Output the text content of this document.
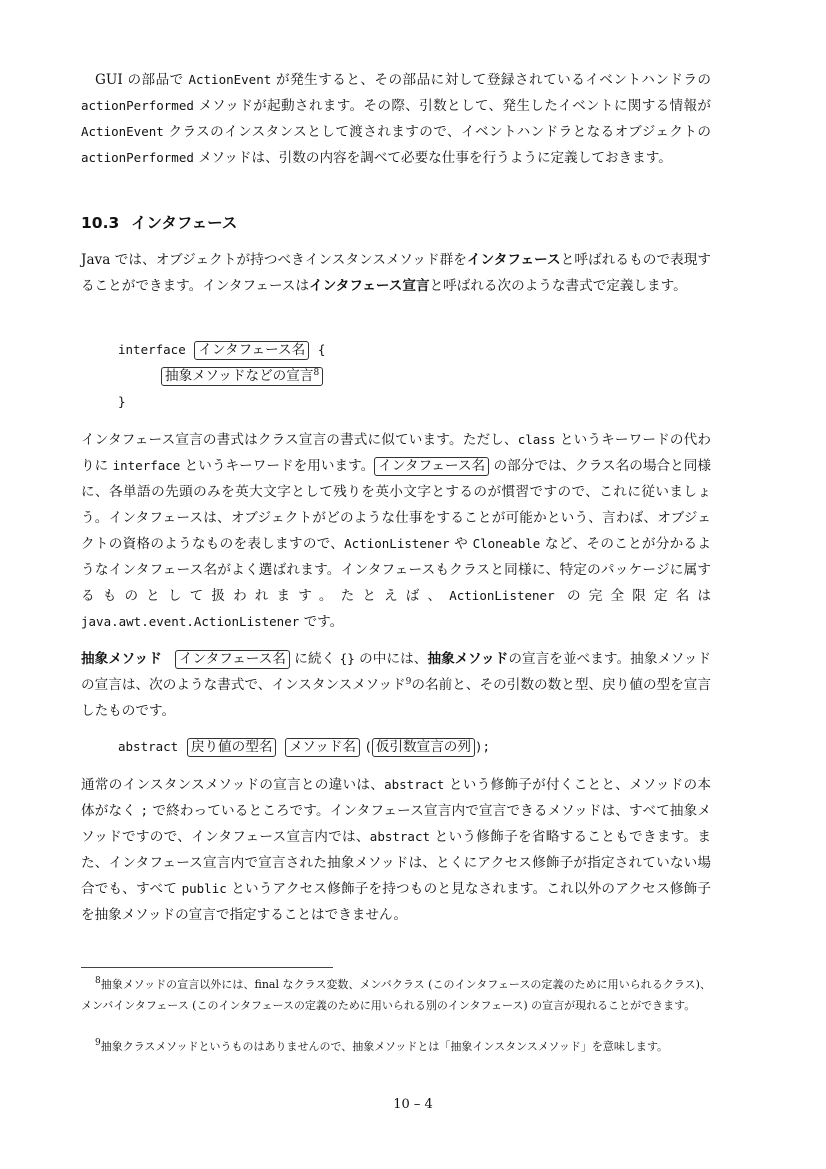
GUI の部品で ActionEvent が発生すると、その部品に対して登録されているイベントハンドラの actionPerformed メソッドが起動されます。その際、引数として、発生したイベントに関する情報が ActionEvent クラスのインスタンスとして渡されますので、イベントハンドラとなるオブジェクトの actionPerformed メソッドは、引数の内容を調べて必要な仕事を行うように定義しておきます。

10.3 インタフェース

Java では、オブジェクトが持つべきインスタンスメソッド群をインタフェースと呼ばれるもので表現することができます。インタフェースはインタフェース宣言と呼ばれる次のような書式で定義します。

interface インタフェース名 {

抽象メソッドなどの宣言$^8$

}

インタフェース宣言の書式はクラス宣言の書式に似ています。ただし、class というキーワードの代わりに interface というキーワードを用います。 インタフェース名 の部分では、クラス名の場合と同様に、各単語の先頭のみを英大文字として残りを英小文字とするのが慣習ですので、これに従いましょう。インタフェースは、オブジェクトがどのような仕事をすることが可能かという、言わば、オブジェクトの資格のようなものを表しますので、ActionListener や Cloneable など、そのことが分かるようなインタフェース名がよく選ばれます。インタフェースもクラスと同様に、特定のパッケージに属するものとして扱われます。たとえば、ActionListener の完全限定名は java.awt.event.ActionListener です。

抽象メソッド インタフェース名 に続く {} の中には、抽象メソッドの宣言を並べます。抽象メソッドの宣言は、次のような書式で、インスタンスメソッド$^9$の名前と、その引数の数と型、戻り値の型を宣言したものです。

abstract 戻り値の型名 メソッド名 ( 仮引数宣言の列 );

通常のインスタンスメソッドの宣言との違いは、abstract という修飾子が付くことと、メソッドの本体がなく ; で終わっているところです。インタフェース宣言内で宣言できるメソッドは、すべて抽象メソッドですので、インタフェース宣言内では、abstract という修飾子を省略することもできます。また、インタフェース宣言内で宣言された抽象メソッドは、とくにアクセス修飾子が指定されていない場合でも、すべて public というアクセス修飾子を持つものと見なされます。これ以外のアクセス修飾子を抽象メソッドの宣言で指定することはできません。

$^8$抽象メソッドの宣言以外には、final なクラス変数、メンバクラス (このインタフェースの定義のために用いられるクラス)、メンバインタフェース (このインタフェースの定義のために用いられる別のインタフェース) の宣言が現れることができます。

$^9$抽象クラスメソッドというものはありませんので、抽象メソッドとは「抽象インスタンスメソッド」を意味します。

10 – 4
